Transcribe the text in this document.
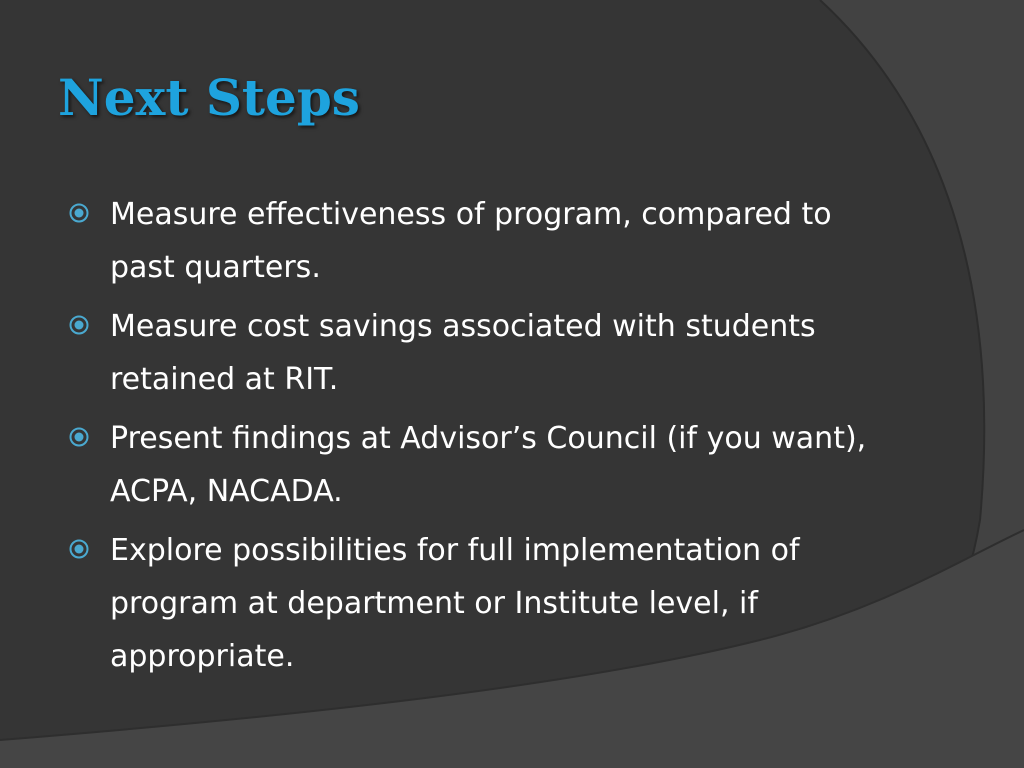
Next Steps
Measure effectiveness of program, compared to past quarters.
Measure cost savings associated with students retained at RIT.
Present findings at Advisor’s Council (if you want), ACPA, NACADA.
Explore possibilities for full implementation of program at department or Institute level, if appropriate.
